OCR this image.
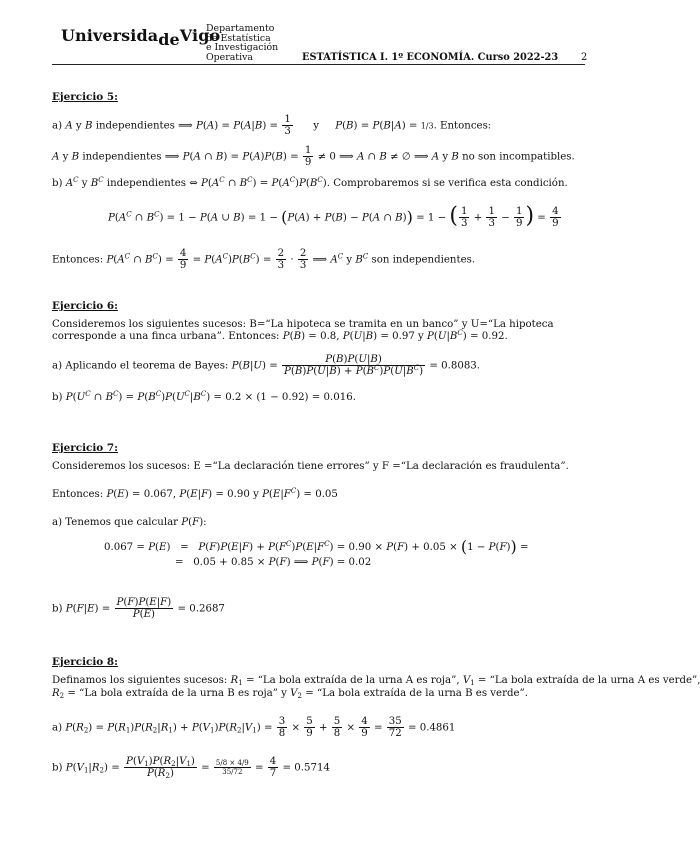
UniversidadeVigo
Departamento
de Estatística
e Investigación
Operativa	ESTATÍSTICA I. 1º ECONOMÍA. Curso 2022-23 2
Ejercicio 5:
a) A y B independientes ⟹ $P(A) = P(A|B) = \frac{1}{3}$ y     P(B) = P(B|A) = 1/3. Entonces:
A y B independientes ⟹ P(A ∩ $B) = P(A)P(B) = \frac{1}{9} \ne 0$ ⟹ A ∩ B ≠ ∅ ⟹ A y B no son incompatibles.
b) $A^C$ y $B^C$ independientes ⇔ $P(A^C$ ∩ $B^C) = P(A^C)P(B^C)$. Comprobaremos si se verifica esta condición.
$P(A^C$ ∩ $B^C) = 1 - P(A$ ∪ B) = 1 − (P(A) + P(B) − P(A ∩ B)) = 1 − ( $\frac{1}{3} + \frac{1}{3} - \frac{1}{9}$ ) = $\frac{4}{9}$
Entonces: $P(A^C$ ∩ $B^C) = \frac{4}{9} = P(A^C)P(B^C) = \frac{2}{3} \cdot \frac{2}{3}$ ⟹ $A^C$ y $B^C$ son independientes.
Ejercicio 6:
Consideremos los siguientes sucesos: B=“La hipoteca se tramita en un banco” y U=“La hipoteca corresponde a una finca urbana”. Entonces: P(B) = 0.8, P(U|B) = 0.97 y $P(U|B^C) = 0.92$.
a) Aplicando el teorema de Bayes: $P(B|U) = \frac{P(B)P(U|B)}{P(B)P(U|B) + P(B^C)P(U|B^C)} = 0.8083$.
b) $P(U^C$ ∩ $B^C) = P(B^C)P(U^C|B^C) = 0.2 \times (1 - 0.92) = 0.016$.
Ejercicio 7:
Consideremos los sucesos: E =“La declaración tiene errores” y F =“La declaración es fraudulenta”.
Entonces: P(E) = 0.067, P(E|F) = 0.90 y $P(E|F^C) = 0.05$
a) Tenemos que calcular P(F):
$0.067 = P(E) = P(F)P(E|F) + P(F^C)P(E|F^C) = 0.90 \times P(F) + 0.05 \times (1 - P(F))$ =
=   0.05 + 0.85 × P(F) ⟹ P(F) = 0.02
b) $P(F|E) = \frac{P(F)P(E|F)}{P(E)} = 0.2687$
Ejercicio 8:
Definamos los siguientes sucesos: $R_1$ = “La bola extraída de la urna A es roja”, $V_1$ = “La bola extraída de la urna A es verde”,
$R_2$ = “La bola extraída de la urna B es roja” y $V_2$ = “La bola extraída de la urna B es verde”.
a) $P(R_2) = P(R_1)P(R_2|R_1) + P(V_1)P(R_2|V_1) = \frac{3}{8} \times \frac{5}{9} + \frac{5}{8} \times \frac{4}{9} = \frac{35}{72} = 0.4861$
b) $P(V_1|R_2) = \frac{P(V_1)P(R_2|V_1)}{P(R_2)} = \frac{5/8 \times 4/9}{35/72} = \frac{4}{7} = 0.5714$
